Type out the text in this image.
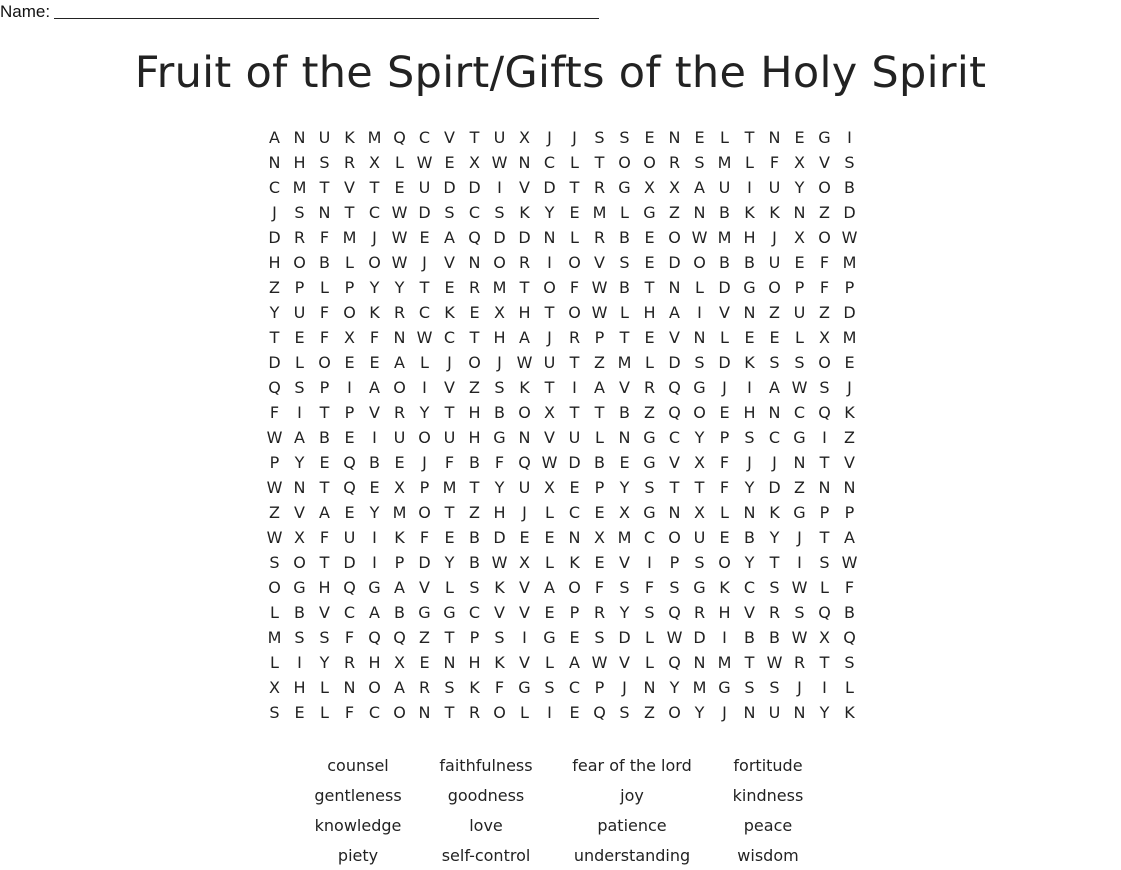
Name:
Fruit of the Spirt/Gifts of the Holy Spirit
A N U K M Q C V T U X	J	J	S S E N E L T N E G	I
N H S R X L W E X W N C L T O O R S M L F X V S
C M T V T E U D D	I	V D T R G X X A U	I	U Y O B
J	S N T C W D S C S K Y E M L G Z N B K K N Z D
D R F M J W E A Q D D N L R B E O W M H	J	X O W
H O B L O W J	V N O R	I	O V S E D O B B U E F M
Z P L P Y Y T E R M T O F W B T N L D G O P F P
Y U F O K R C K E X H T O W L H A	I	V N Z U Z D
T E F X F N W C T H A	J	R P T E V N L E E L X M
D L O E E A L	J	O	J W U T Z M L D S D K S S O E
Q S P	I	A O	I	V Z S K T	I	A V R Q G	J	I	A W S	J
F	I	T P V R Y T H B O X T T B Z Q O E H N C Q K
W A B E	I	U O U H G N V U L N G C Y P S C G	I	Z
P Y E Q B E	J	F B F Q W D B E G V X F	J	J	N T V
W N T Q E X P M T Y U X E P Y S T T F Y D Z N N
Z V A E Y M O T Z H	J	L C E X G N X L N K G P P
W X F U	I	K F E B D E E N X M C O U E B Y	J	T A
S O T D	I	P D Y B W X L K E V	I	P S O Y T	I	S W
O G H Q G A V L S K V A O F S F S G K C S W L F
L B V C A B G G C V V E P R Y S Q R H V R S Q B
M S S F Q Q Z T P S	I	G E S D L W D	I	B B W X Q
L	I	Y R H X E N H K V L A W V L Q N M T W R T S
X H L N O A R S K F G S C P	J	N Y M G S S	J	I	L
S E L F C O N T R O L	I	E Q S Z O Y	J	N U N Y K
counsel	faithfulness	fear of the lord	fortitude
gentleness	goodness	joy	kindness
knowledge	love	patience	peace
piety	self-control	understanding	wisdom
